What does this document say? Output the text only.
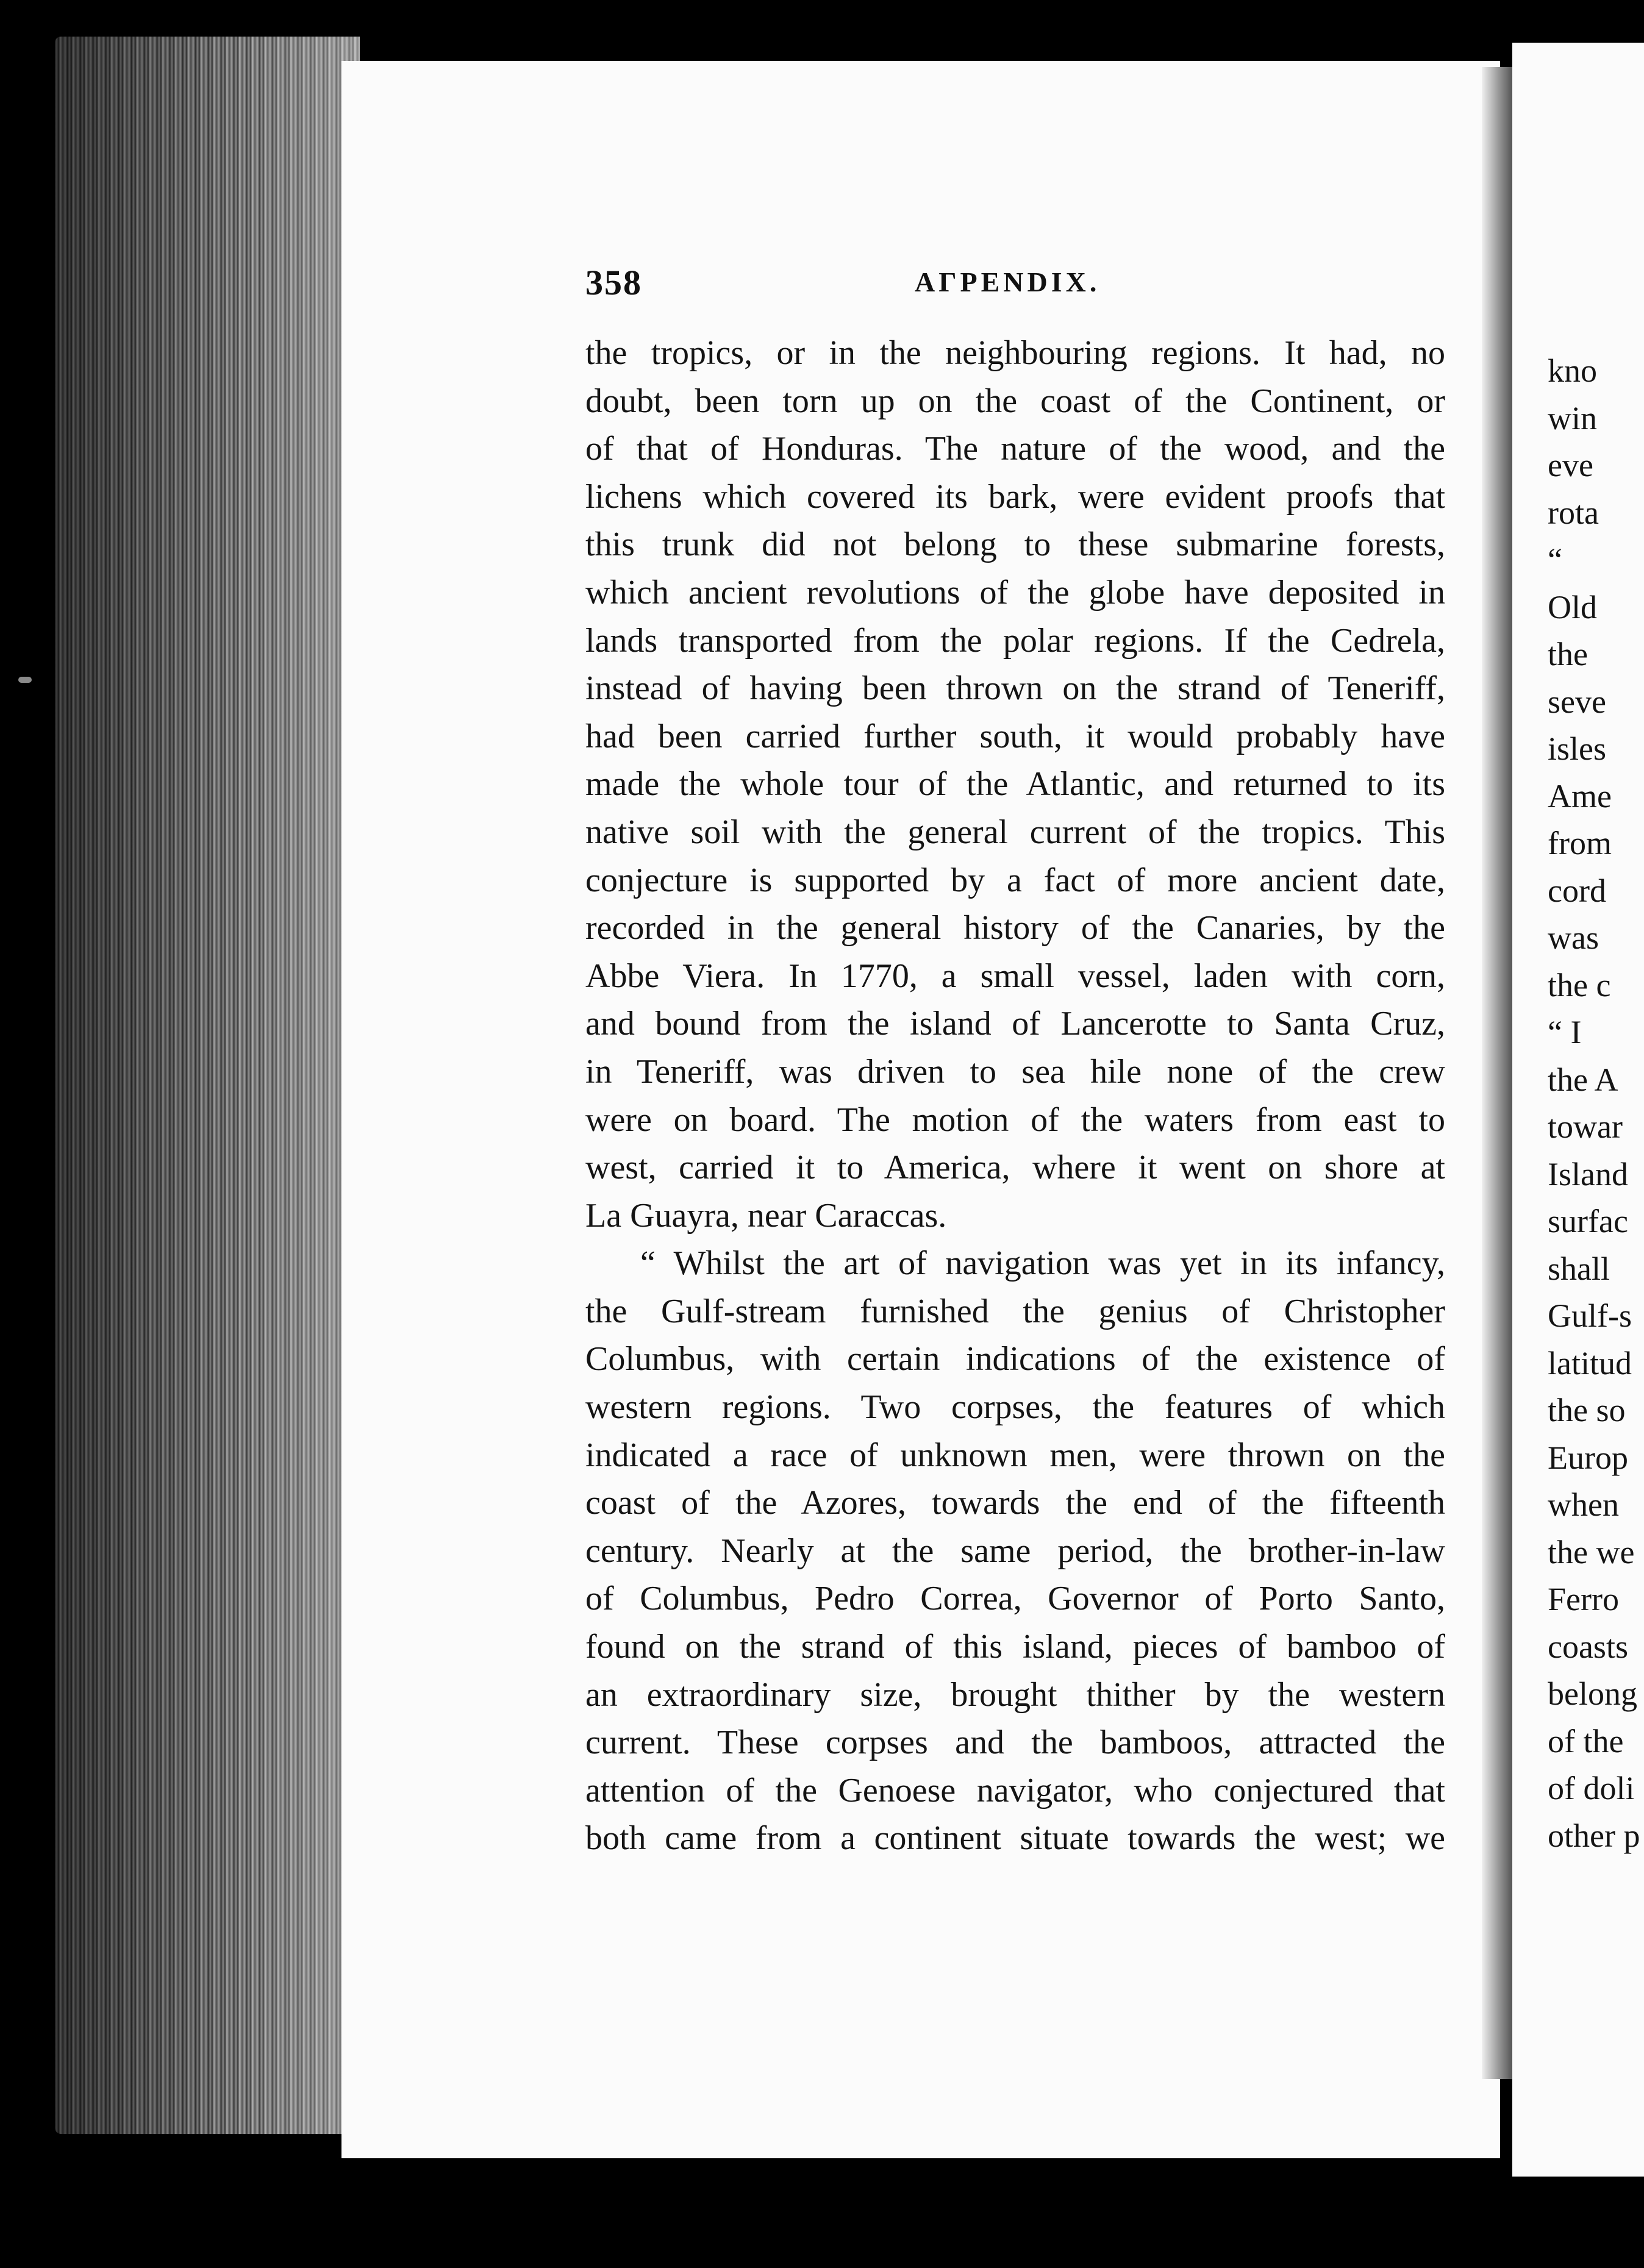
358	AΓPENDIX.
the tropics, or in the neighbouring regions. It had, no
doubt, been torn up on the coast of the Continent, or
of that of Honduras. The nature of the wood, and the
lichens which covered its bark, were evident proofs that
this trunk did not belong to these submarine forests,
which ancient revolutions of the globe have deposited in
lands transported from the polar regions. If the Cedrela,
instead of having been thrown on the strand of Teneriff,
had been carried further south, it would probably have
made the whole tour of the Atlantic, and returned to its
native soil with the general current of the tropics. This
conjecture is supported by a fact of more ancient date,
recorded in the general history of the Canaries, by the
Abbe Viera. In 1770, a small vessel, laden with corn,
and bound from the island of Lancerotte to Santa Cruz,
in Teneriff, was driven to sea hile none of the crew
were on board. The motion of the waters from east to
west, carried it to America, where it went on shore at
La Guayra, near Caraccas.
“ Whilst the art of navigation was yet in its infancy,
the Gulf-stream furnished the genius of Christopher
Columbus, with certain indications of the existence of
western regions. Two corpses, the features of which
indicated a race of unknown men, were thrown on the
coast of the Azores, towards the end of the fifteenth
century. Nearly at the same period, the brother-in-law
of Columbus, Pedro Correa, Governor of Porto Santo,
found on the strand of this island, pieces of bamboo of
an extraordinary size, brought thither by the western
current. These corpses and the bamboos, attracted the
attention of the Genoese navigator, who conjectured that
both came from a continent situate towards the west; we
kno
win
eve
rota
“
Old
the
seve
isles
Ame
from
cord
was
the c
“ I
the A
towar
Island
surfac
shall
Gulf-s
latitud
the so
Europ
when
the we
Ferro
coasts
belong
of the
of doli
other p
